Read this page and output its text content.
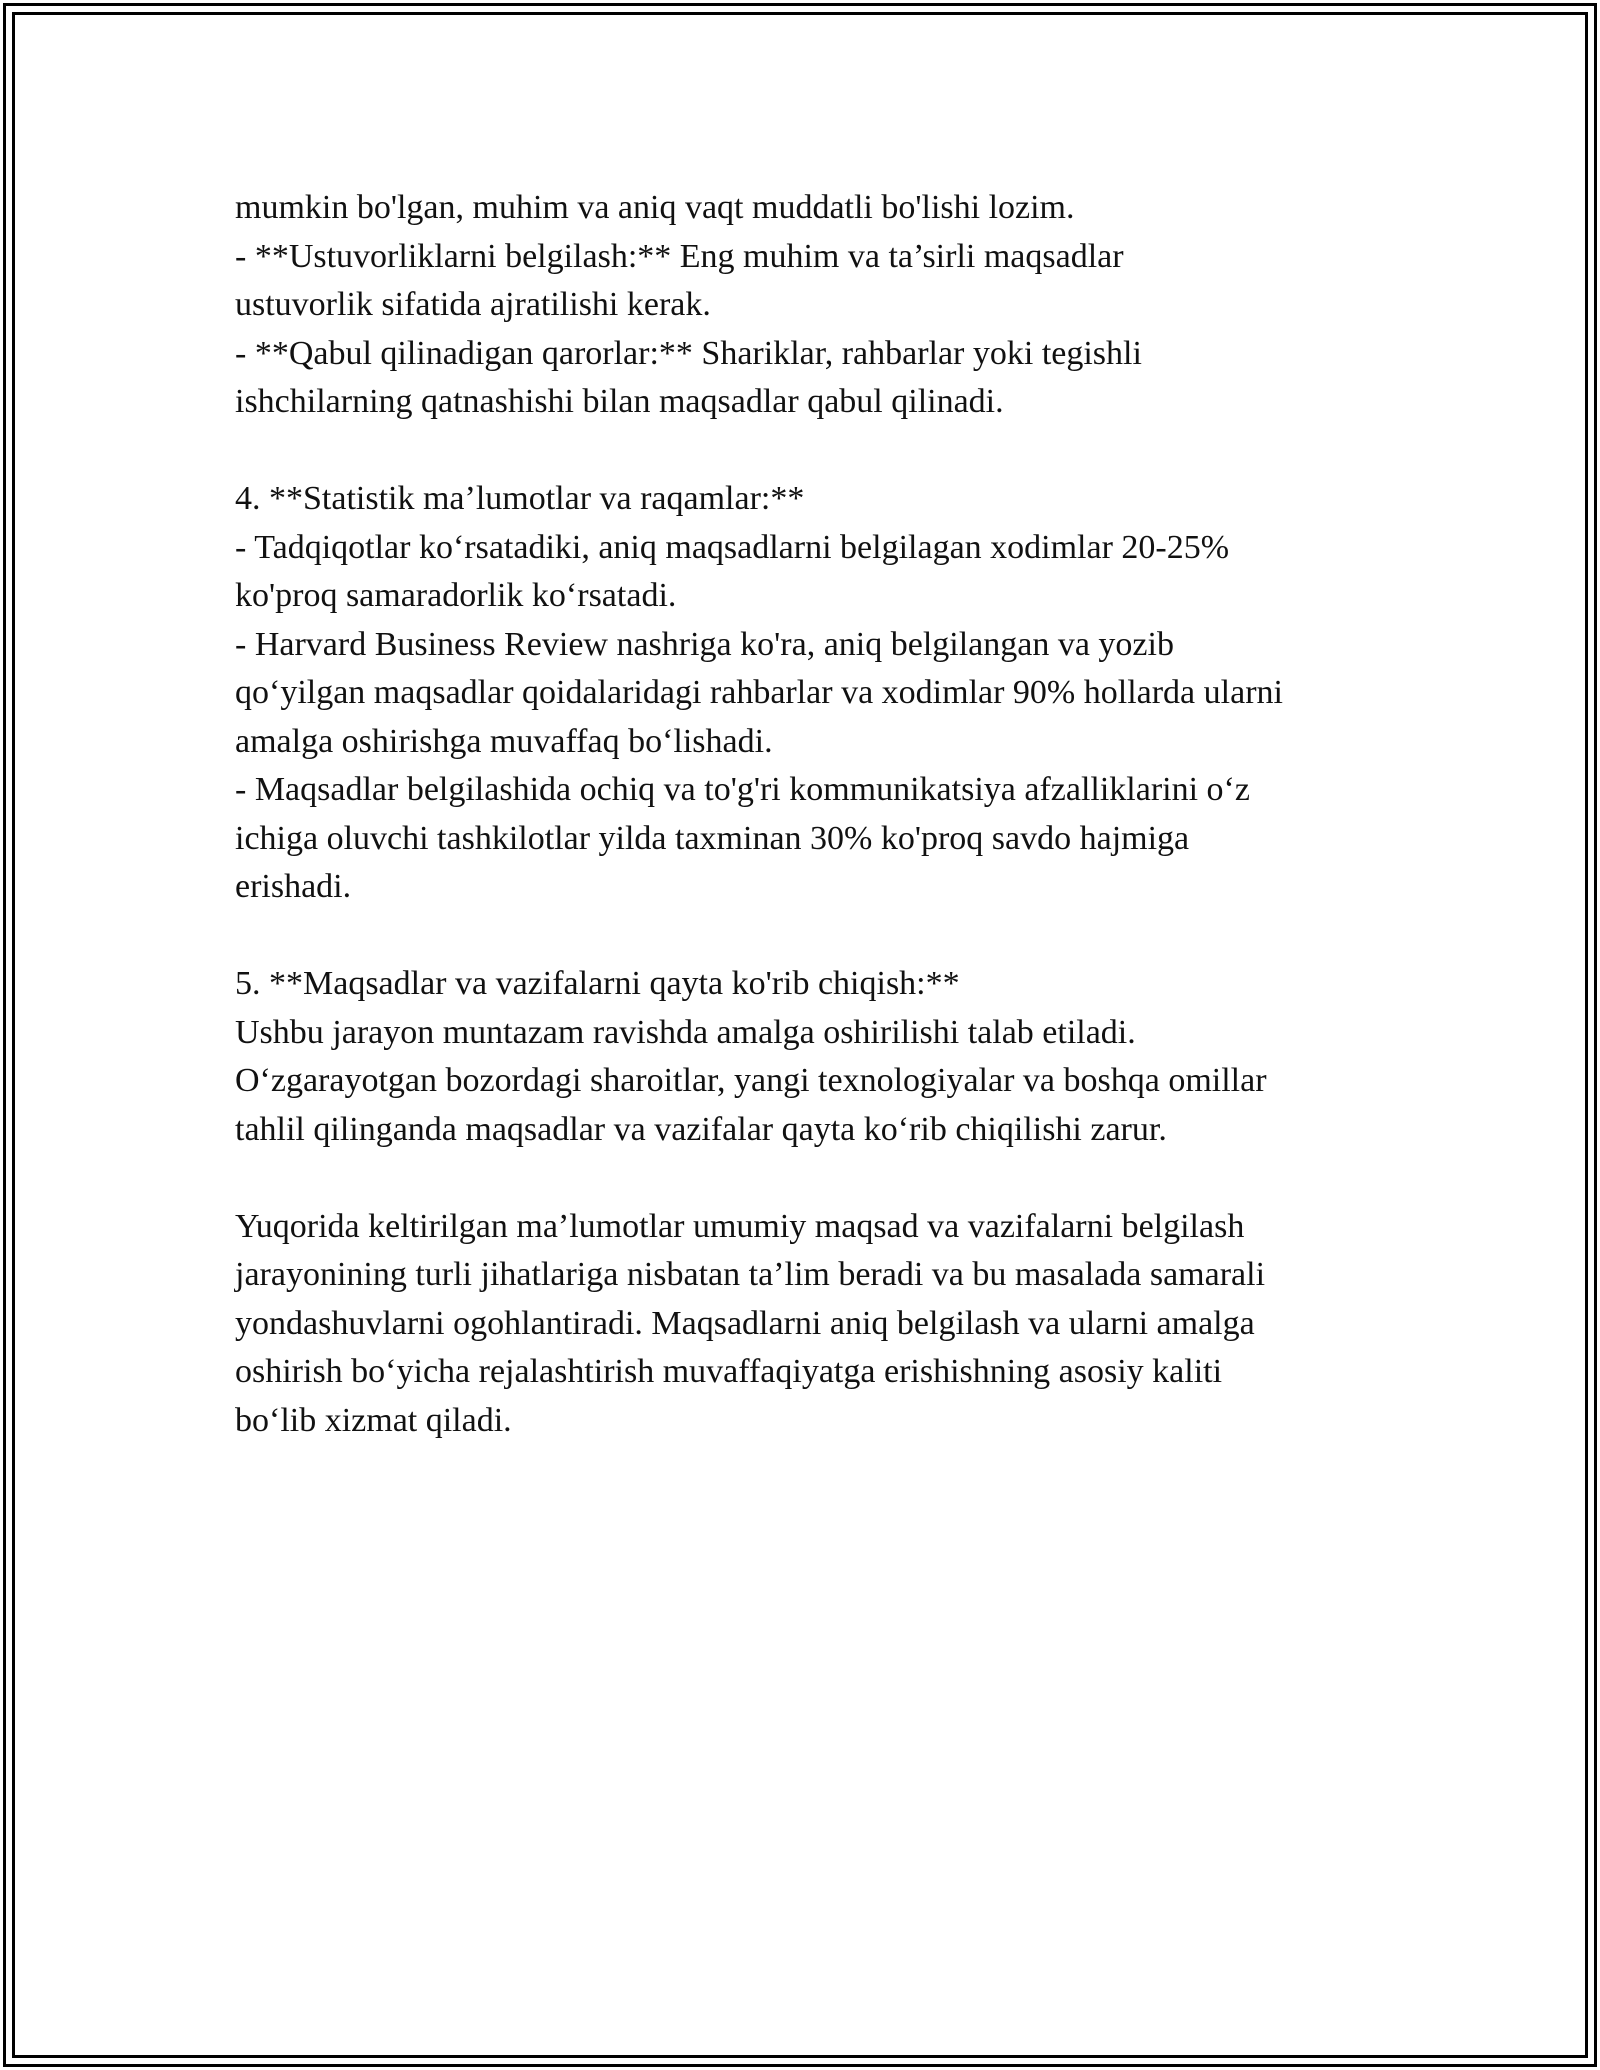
mumkin bo'lgan, muhim va aniq vaqt muddatli bo'lishi lozim.

- **Ustuvorliklarni belgilash:** Eng muhim va ta’sirli maqsadlar

ustuvorlik sifatida ajratilishi kerak.

- **Qabul qilinadigan qarorlar:** Shariklar, rahbarlar yoki tegishli

ishchilarning qatnashishi bilan maqsadlar qabul qilinadi.

4. **Statistik ma’lumotlar va raqamlar:**

- Tadqiqotlar ko‘rsatadiki, aniq maqsadlarni belgilagan xodimlar 20-25%

ko'proq samaradorlik ko‘rsatadi.

- Harvard Business Review nashriga ko'ra, aniq belgilangan va yozib

qo‘yilgan maqsadlar qoidalaridagi rahbarlar va xodimlar 90% hollarda ularni

amalga oshirishga muvaffaq bo‘lishadi.

- Maqsadlar belgilashida ochiq va to'g'ri kommunikatsiya afzalliklarini o‘z

ichiga oluvchi tashkilotlar yilda taxminan 30% ko'proq savdo hajmiga

erishadi.

5. **Maqsadlar va vazifalarni qayta ko'rib chiqish:**

Ushbu jarayon muntazam ravishda amalga oshirilishi talab etiladi.

O‘zgarayotgan bozordagi sharoitlar, yangi texnologiyalar va boshqa omillar

tahlil qilinganda maqsadlar va vazifalar qayta ko‘rib chiqilishi zarur.

Yuqorida keltirilgan ma’lumotlar umumiy maqsad va vazifalarni belgilash

jarayonining turli jihatlariga nisbatan ta’lim beradi va bu masalada samarali

yondashuvlarni ogohlantiradi. Maqsadlarni aniq belgilash va ularni amalga

oshirish bo‘yicha rejalashtirish muvaffaqiyatga erishishning asosiy kaliti

bo‘lib xizmat qiladi.
